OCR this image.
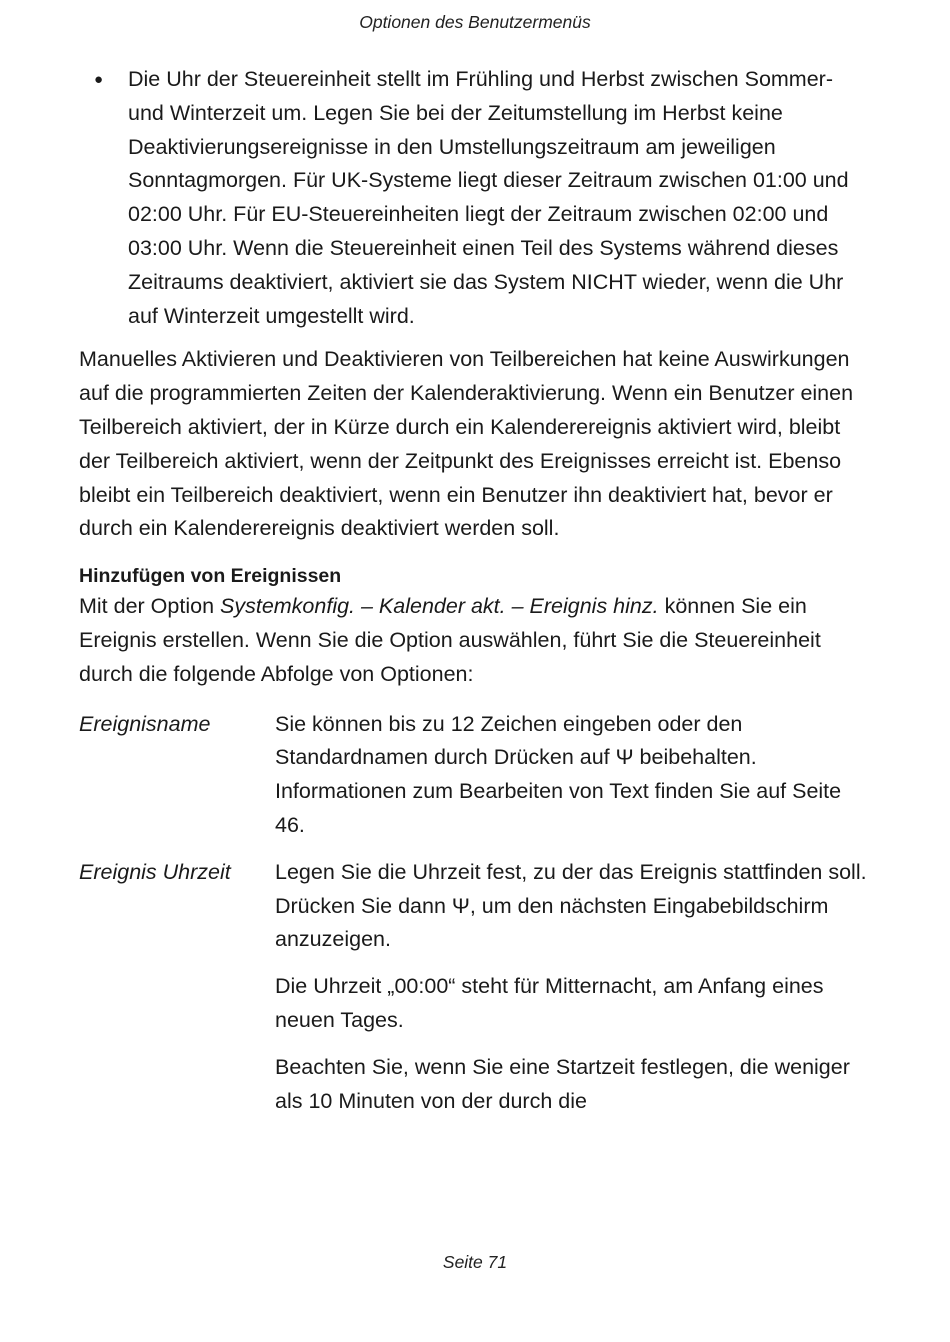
Optionen des Benutzermenüs
● Die Uhr der Steuereinheit stellt im Frühling und Herbst zwischen Sommer- und Winterzeit um. Legen Sie bei der Zeitumstellung im Herbst keine Deaktivierungsereignisse in den Umstellungszeitraum am jeweiligen Sonntagmorgen. Für UK-Systeme liegt dieser Zeitraum zwischen 01:00 und 02:00 Uhr. Für EU-Steuereinheiten liegt der Zeitraum zwischen 02:00 und 03:00 Uhr. Wenn die Steuereinheit einen Teil des Systems während dieses Zeitraums deaktiviert, aktiviert sie das System NICHT wieder, wenn die Uhr auf Winterzeit umgestellt wird.
Manuelles Aktivieren und Deaktivieren von Teilbereichen hat keine Auswirkungen auf die programmierten Zeiten der Kalenderaktivierung. Wenn ein Benutzer einen Teilbereich aktiviert, der in Kürze durch ein Kalenderereignis aktiviert wird, bleibt der Teilbereich aktiviert, wenn der Zeitpunkt des Ereignisses erreicht ist. Ebenso bleibt ein Teilbereich deaktiviert, wenn ein Benutzer ihn deaktiviert hat, bevor er durch ein Kalenderereignis deaktiviert werden soll.
Hinzufügen von Ereignissen
Mit der Option Systemkonfig. – Kalender akt. – Ereignis hinz. können Sie ein Ereignis erstellen. Wenn Sie die Option auswählen, führt Sie die Steuereinheit durch die folgende Abfolge von Optionen:
Ereignisname	Sie können bis zu 12 Zeichen eingeben oder den Standardnamen durch Drücken auf Ψ beibehalten. Informationen zum Bearbeiten von Text finden Sie auf Seite 46.

Ereignis Uhrzeit	Legen Sie die Uhrzeit fest, zu der das Ereignis stattfinden soll. Drücken Sie dann Ψ, um den nächsten Eingabebildschirm anzuzeigen.

Die Uhrzeit „00:00“ steht für Mitternacht, am Anfang eines neuen Tages.

Beachten Sie, wenn Sie eine Startzeit festlegen, die weniger als 10 Minuten von der durch die

Seite 71
